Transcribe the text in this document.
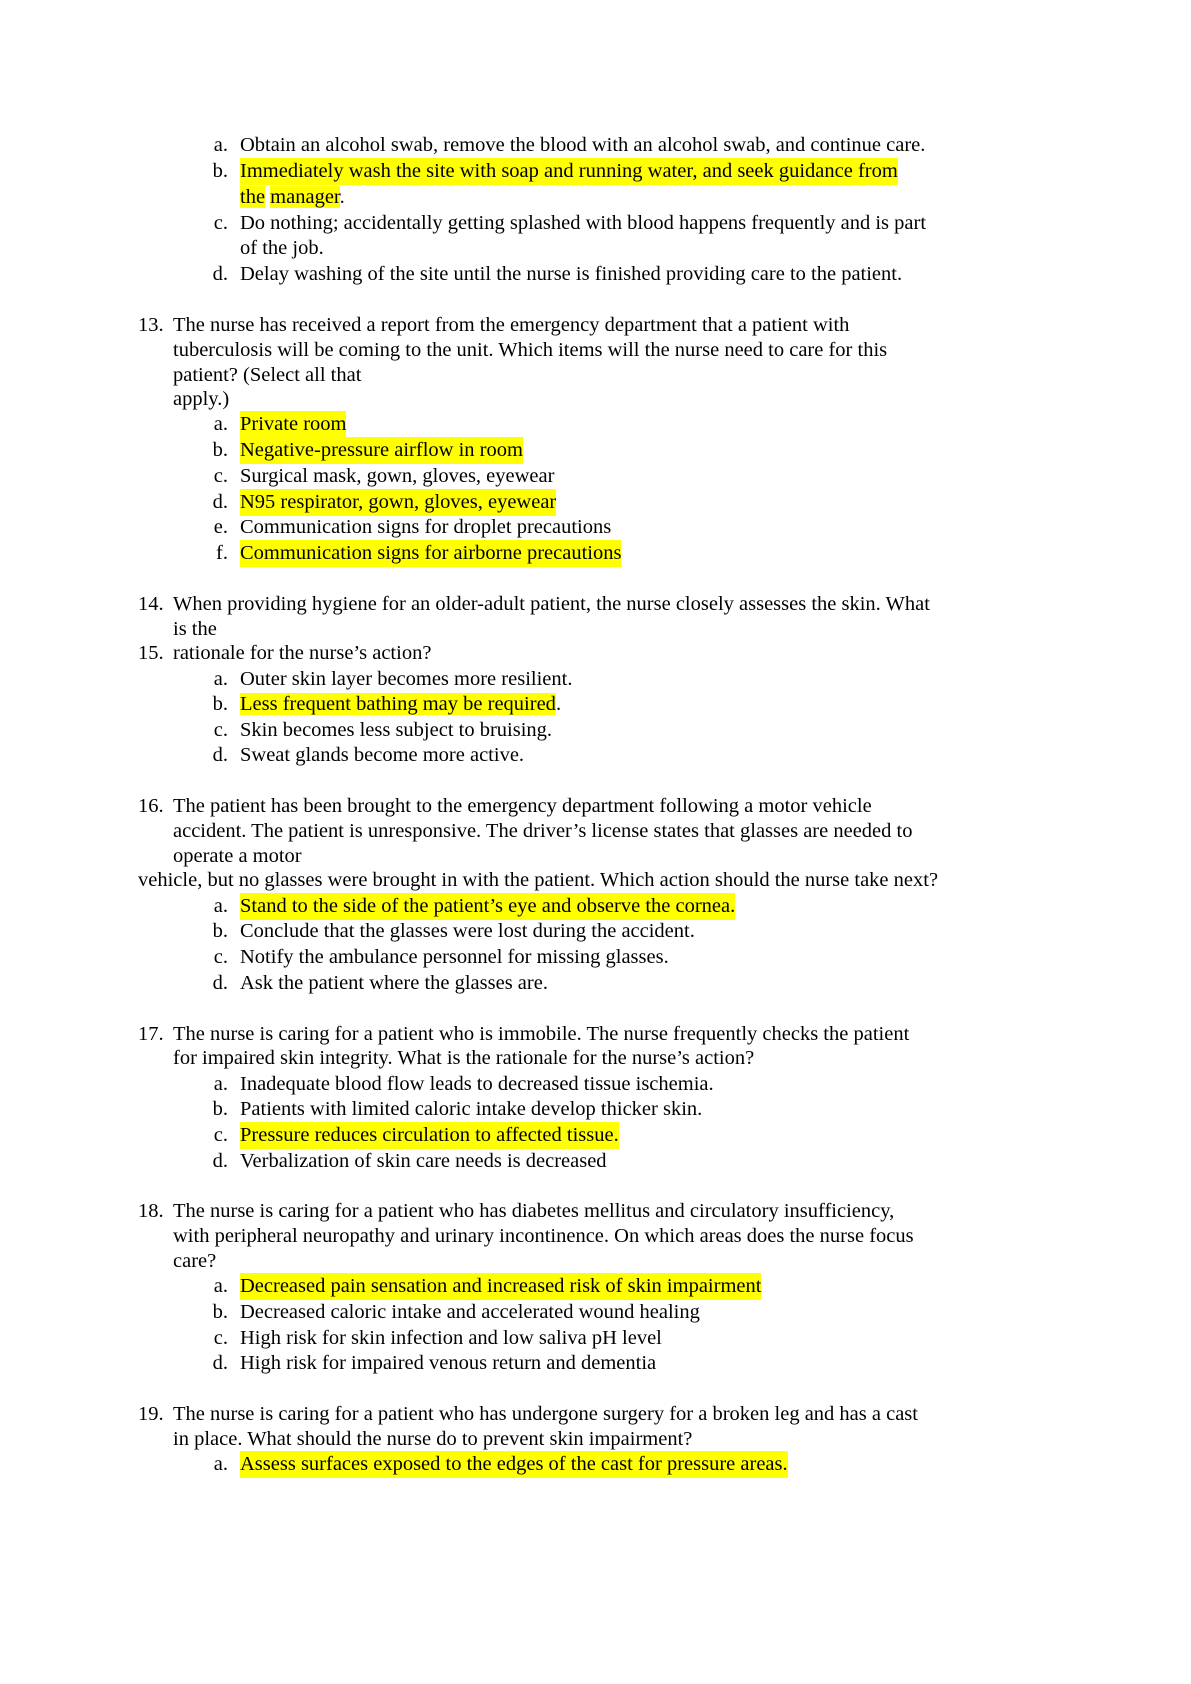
a. Obtain an alcohol swab, remove the blood with an alcohol swab, and continue care.
b. Immediately wash the site with soap and running water, and seek guidance from
the manager.
c. Do nothing; accidentally getting splashed with blood happens frequently and is part
of the job.
d. Delay washing of the site until the nurse is finished providing care to the patient.
13. The nurse has received a report from the emergency department that a patient with
tuberculosis will be coming to the unit. Which items will the nurse need to care for this
patient? (Select all that
apply.)
a. Private room
b. Negative-pressure airflow in room
c. Surgical mask, gown, gloves, eyewear
d. N95 respirator, gown, gloves, eyewear
e. Communication signs for droplet precautions
f. Communication signs for airborne precautions
14. When providing hygiene for an older-adult patient, the nurse closely assesses the skin. What
is the
15. rationale for the nurse’s action?
a. Outer skin layer becomes more resilient.
b. Less frequent bathing may be required.
c. Skin becomes less subject to bruising.
d. Sweat glands become more active.
16. The patient has been brought to the emergency department following a motor vehicle
accident. The patient is unresponsive. The driver’s license states that glasses are needed to
operate a motor
vehicle, but no glasses were brought in with the patient. Which action should the nurse take next?
a. Stand to the side of the patient’s eye and observe the cornea.
b. Conclude that the glasses were lost during the accident.
c. Notify the ambulance personnel for missing glasses.
d. Ask the patient where the glasses are.
17. The nurse is caring for a patient who is immobile. The nurse frequently checks the patient
for impaired skin integrity. What is the rationale for the nurse’s action?
a. Inadequate blood flow leads to decreased tissue ischemia.
b. Patients with limited caloric intake develop thicker skin.
c. Pressure reduces circulation to affected tissue.
d. Verbalization of skin care needs is decreased
18. The nurse is caring for a patient who has diabetes mellitus and circulatory insufficiency,
with peripheral neuropathy and urinary incontinence. On which areas does the nurse focus
care?
a. Decreased pain sensation and increased risk of skin impairment
b. Decreased caloric intake and accelerated wound healing
c. High risk for skin infection and low saliva pH level
d. High risk for impaired venous return and dementia
19. The nurse is caring for a patient who has undergone surgery for a broken leg and has a cast
in place. What should the nurse do to prevent skin impairment?
a. Assess surfaces exposed to the edges of the cast for pressure areas.
